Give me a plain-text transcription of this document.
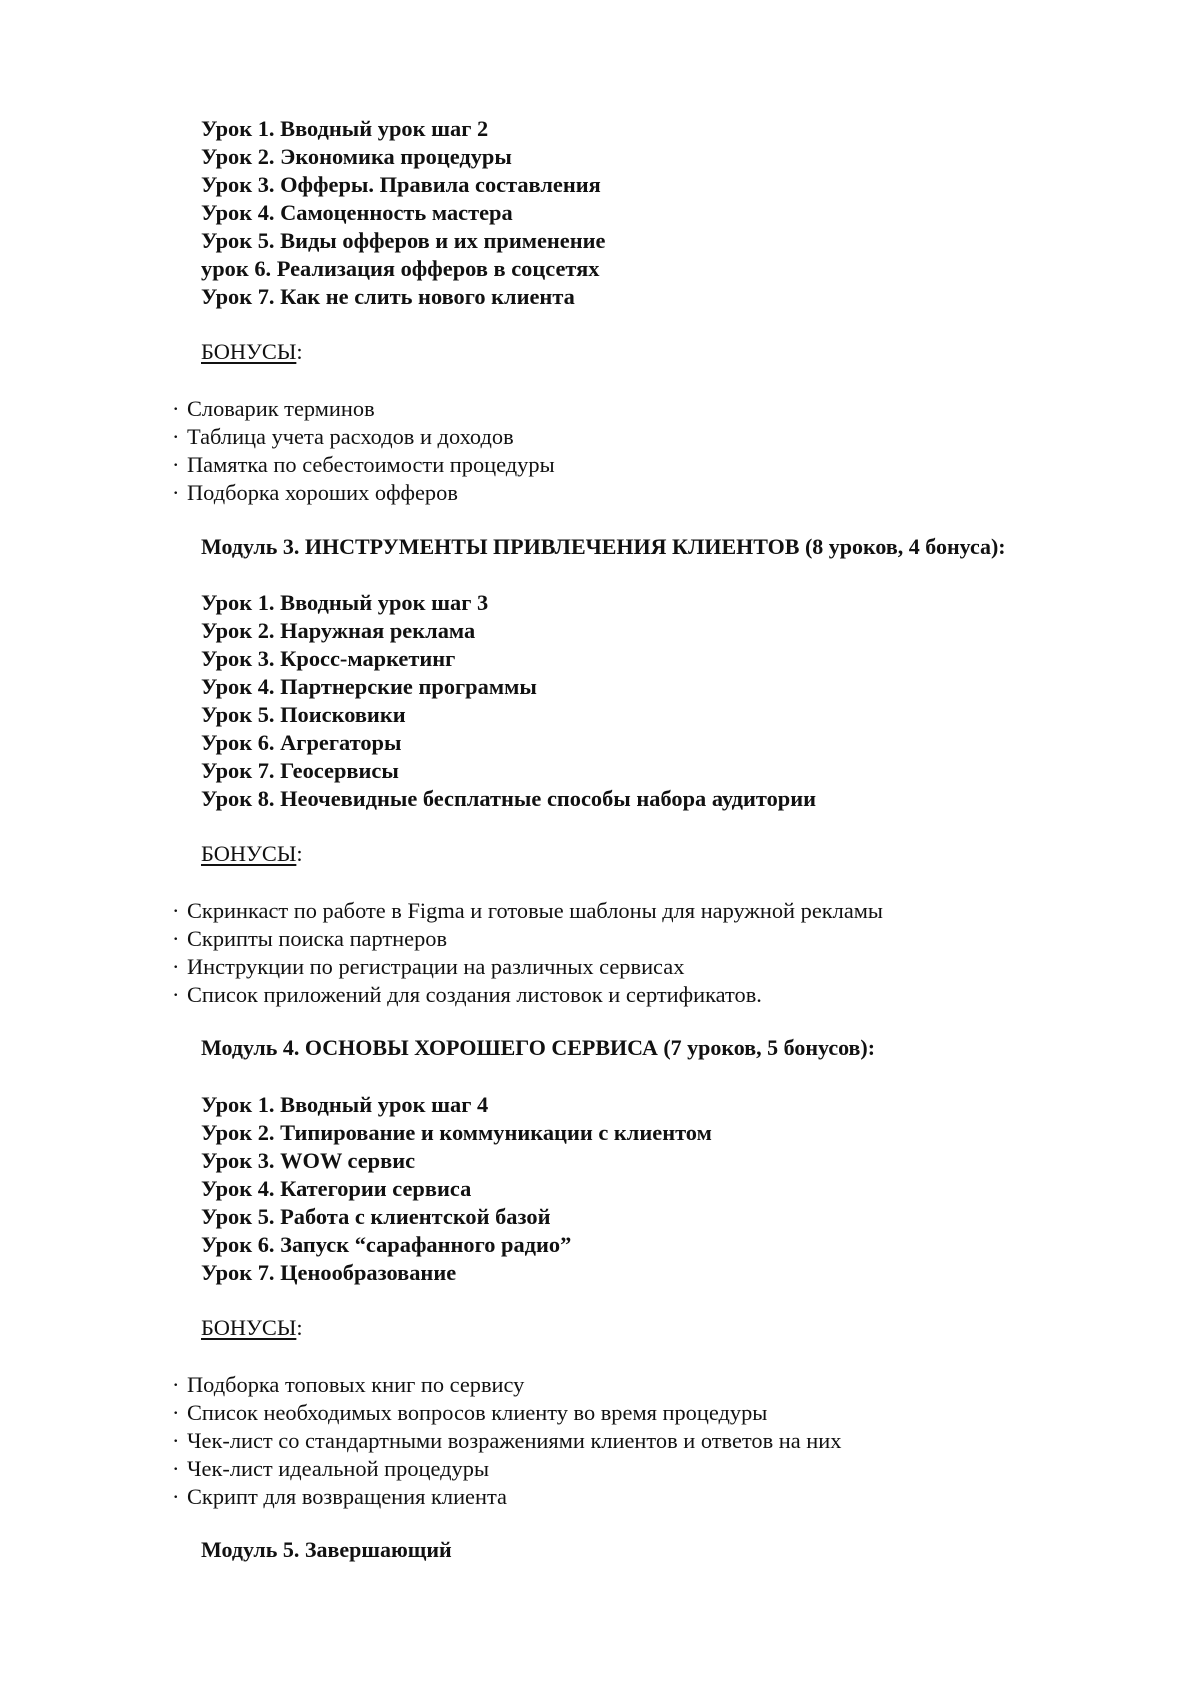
Урок 1. Вводный урок шаг 2
Урок 2. Экономика процедуры
Урок 3. Офферы. Правила составления
Урок 4. Самоценность мастера
Урок 5. Виды офферов и их применение
урок 6. Реализация офферов в соцсетях
Урок 7. Как не слить нового клиента
БОНУСЫ:
· Словарик терминов
· Таблица учета расходов и доходов
· Памятка по себестоимости процедуры
· Подборка хороших офферов
Модуль 3. ИНСТРУМЕНТЫ ПРИВЛЕЧЕНИЯ КЛИЕНТОВ (8 уроков, 4 бонуса):
Урок 1. Вводный урок шаг 3
Урок 2. Наружная реклама
Урок 3. Кросс-маркетинг
Урок 4. Партнерские программы
Урок 5. Поисковики
Урок 6. Агрегаторы
Урок 7. Геосервисы
Урок 8. Неочевидные бесплатные способы набора аудитории
БОНУСЫ:
· Скринкаст по работе в Figma и готовые шаблоны для наружной рекламы
· Скрипты поиска партнеров
· Инструкции по регистрации на различных сервисах
· Список приложений для создания листовок и сертификатов.
Модуль 4. ОСНОВЫ ХОРОШЕГО СЕРВИСА (7 уроков, 5 бонусов):
Урок 1. Вводный урок шаг 4
Урок 2. Типирование и коммуникации с клиентом
Урок 3. WOW сервис
Урок 4. Категории сервиса
Урок 5. Работа с клиентской базой
Урок 6. Запуск “сарафанного радио”
Урок 7. Ценообразование
БОНУСЫ:
· Подборка топовых книг по сервису
· Список необходимых вопросов клиенту во время процедуры
· Чек-лист со стандартными возражениями клиентов и ответов на них
· Чек-лист идеальной процедуры
· Скрипт для возвращения клиента
Модуль 5. Завершающий
